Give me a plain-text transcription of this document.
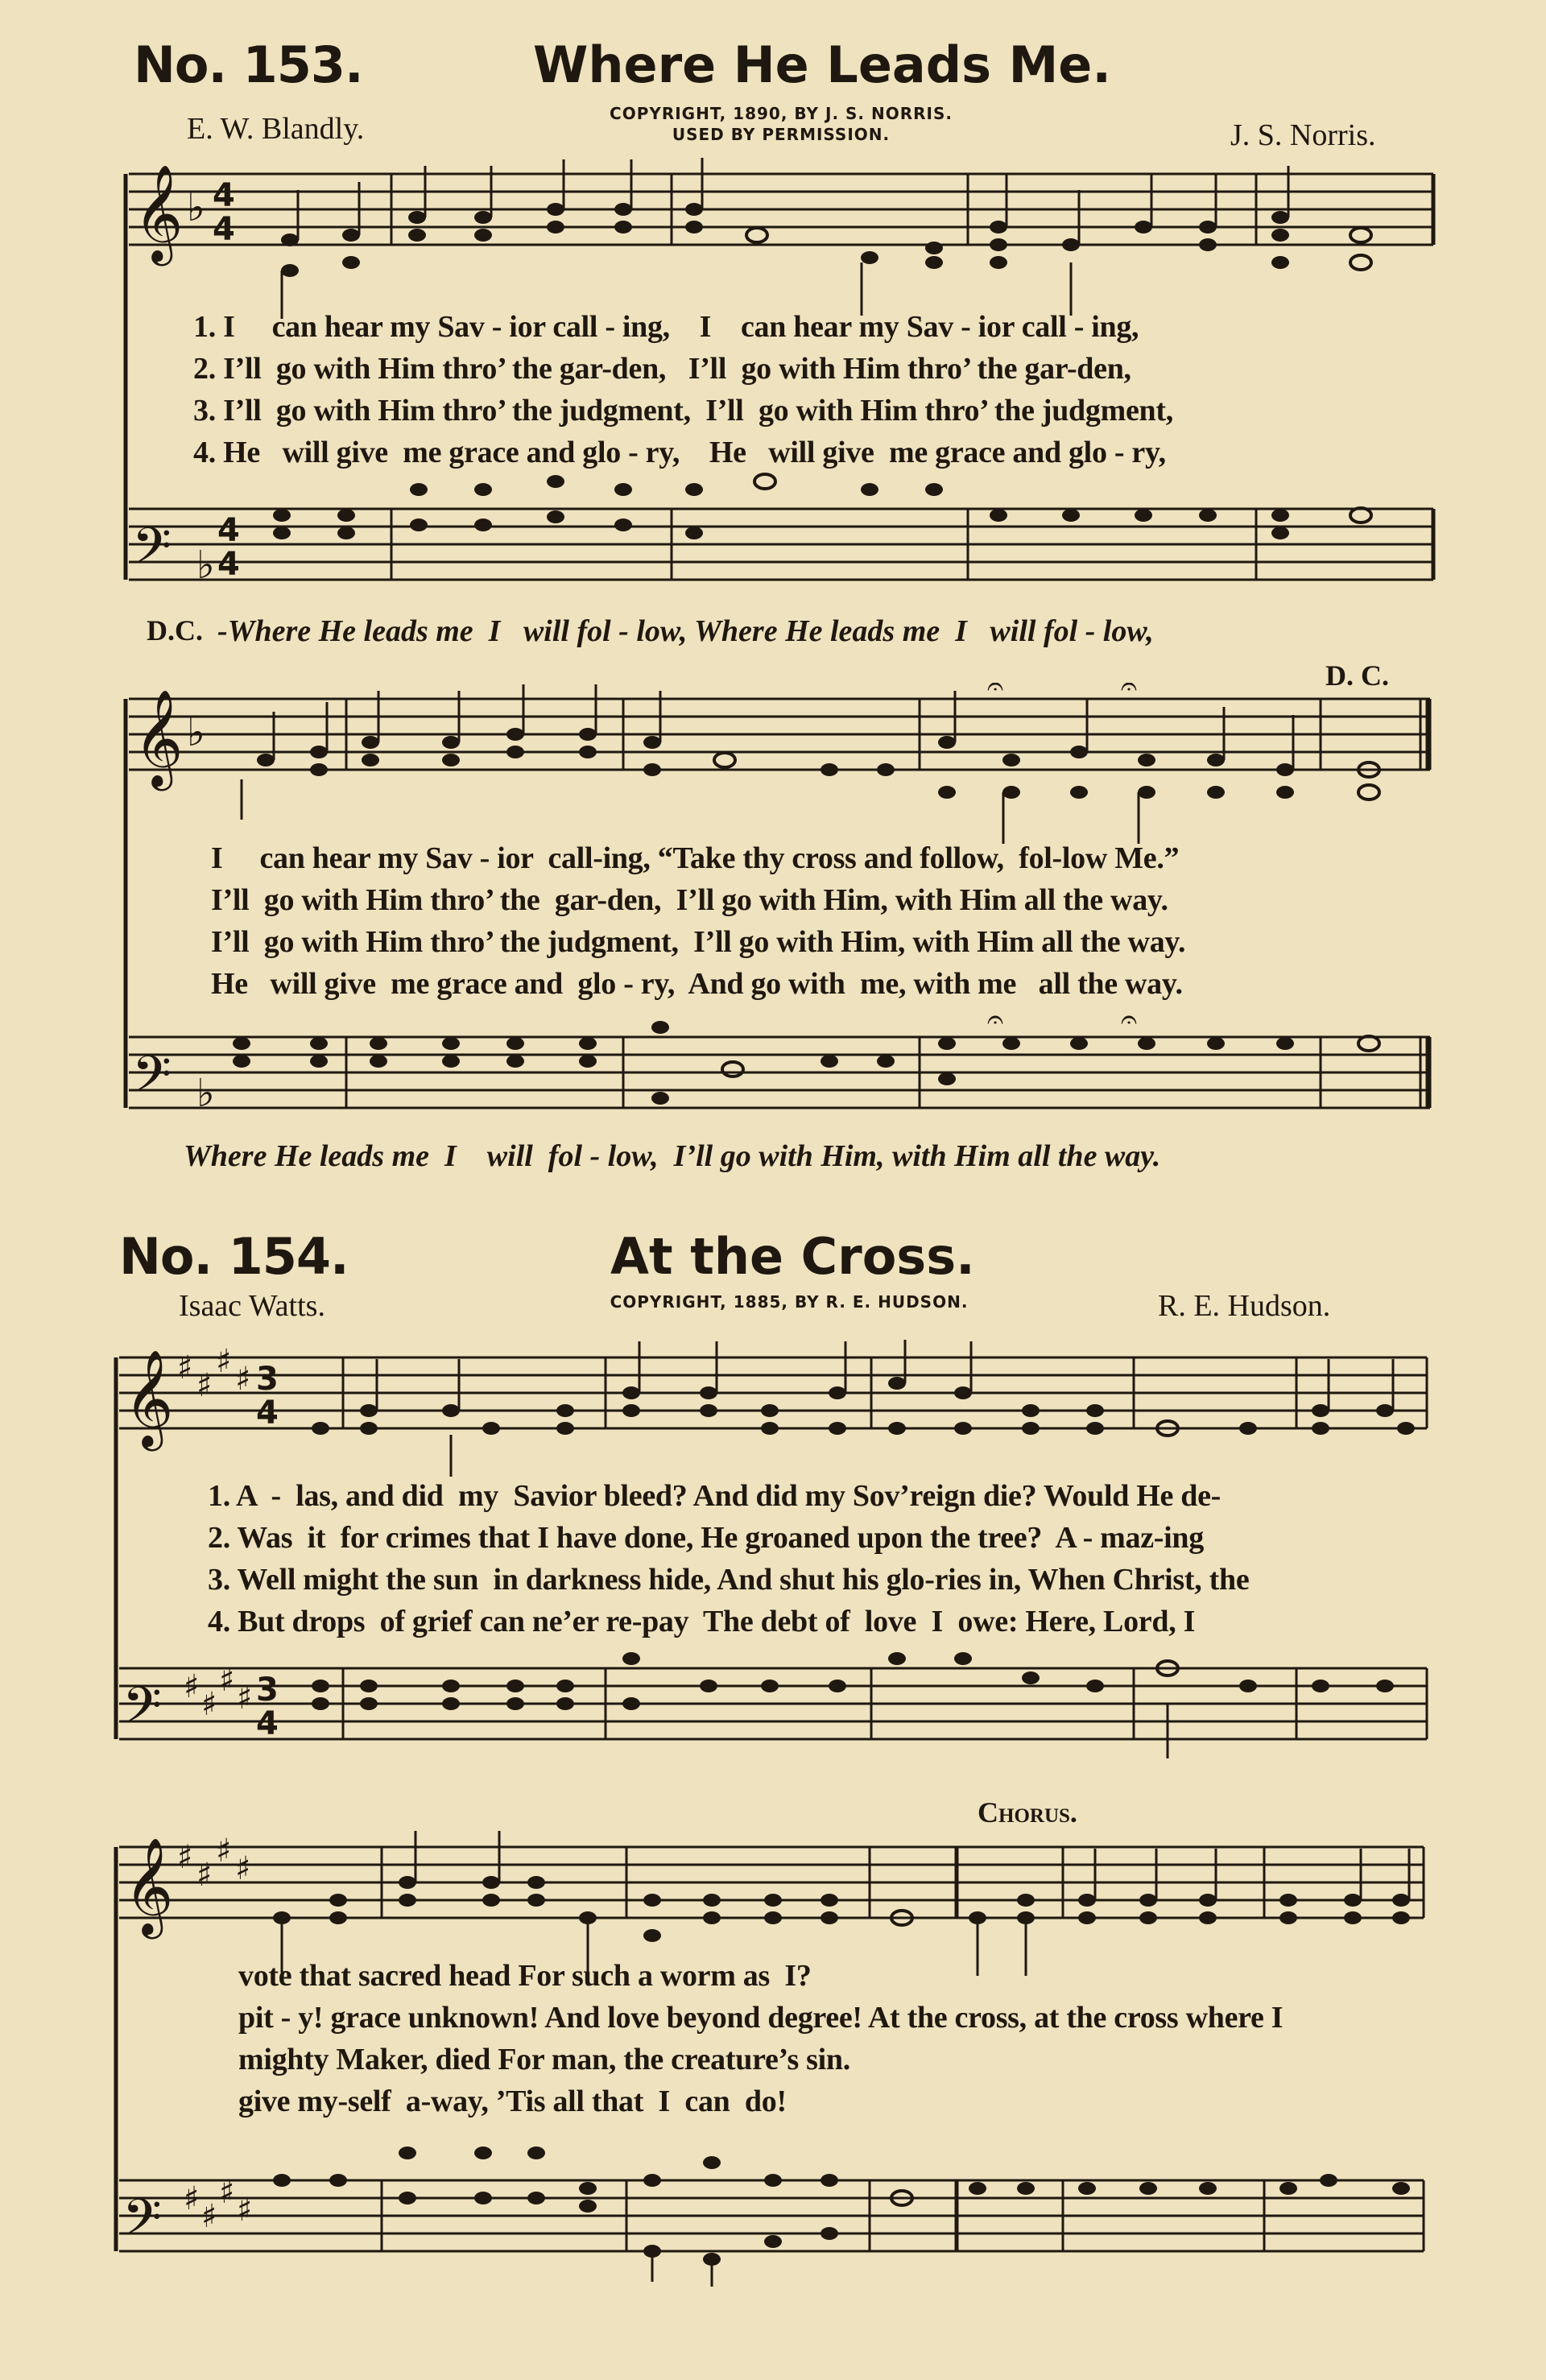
No. 153.	Where He Leads Me.
E. W. Blandly.	COPYRIGHT, 1890, BY J. S. NORRIS.
USED BY PERMISSION.	J. S. Norris.
𝄞 ♭ 4
4
𝄢 ♭
4
4
1. I     can hear my Sav - ior call - ing,    I    can hear my Sav - ior call - ing,
2. I’ll  go with Him thro’ the gar-den,   I’ll  go with Him thro’ the gar-den,
3. I’ll  go with Him thro’ the judgment,  I’ll  go with Him thro’ the judgment,
4. He   will give  me grace and glo - ry,    He   will give  me grace and glo - ry,
D.C. -Where He leads me  I   will fol - low, Where He leads me  I   will fol - low,
D. C.
𝄞 ♭
𝄢 ♭
𝄐	𝄐
𝄐	𝄐
I     can hear my Sav - ior  call-ing, “Take thy cross and follow,  fol-low Me.”
I’ll  go with Him thro’ the  gar-den,  I’ll go with Him, with Him all the way.
I’ll  go with Him thro’ the judgment,  I’ll go with Him, with Him all the way.
He   will give  me grace and  glo - ry,  And go with  me, with me   all the way.
Where He leads me  I    will  fol - low,  I’ll go with Him, with Him all the way.
No. 154.	At the Cross.
Isaac Watts.	COPYRIGHT, 1885, BY R. E. HUDSON.	R. E. Hudson.
𝄞 ♯ ♯
♯ ♯ 3
4
𝄢 ♯ ♯
♯ ♯ 3
4
1. A  -  las, and did  my  Savior bleed? And did my Sov’reign die? Would He de-
2. Was  it  for crimes that I have done, He groaned upon the tree?  A - maz-ing
3. Well might the sun  in darkness hide, And shut his glo-ries in, When Christ, the
4. But drops  of grief can ne’er re-pay  The debt of  love  I  owe: Here, Lord, I
Chorus.
𝄞 ♯ ♯
♯ ♯
𝄢 ♯ ♯
♯ ♯
vote that sacred head For such a worm as  I?
pit - y! grace unknown! And love beyond degree! At the cross, at the cross where I
mighty Maker, died For man, the creature’s sin.
give my-self  a-way, ’Tis all that  I  can  do!
